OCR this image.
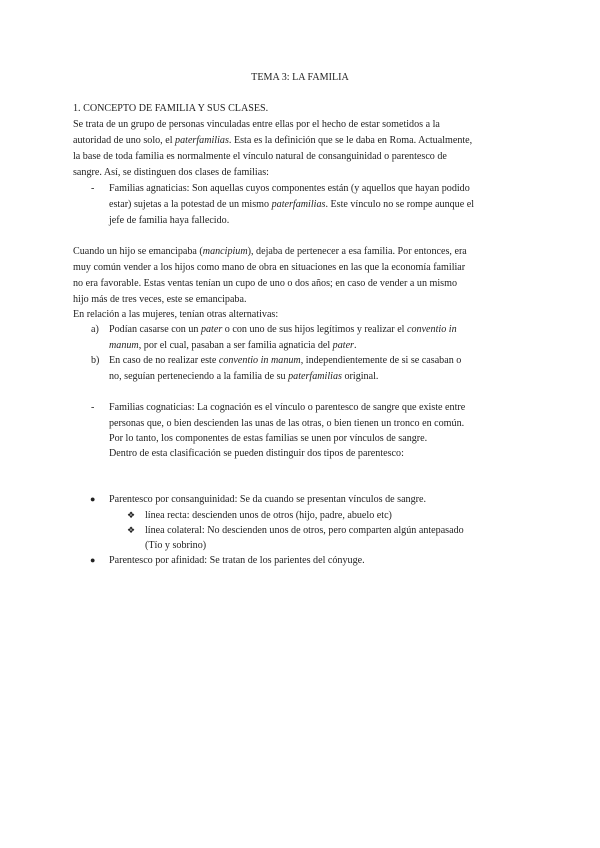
TEMA 3: LA FAMILIA
1. CONCEPTO DE FAMILIA Y SUS CLASES.
Se trata de un grupo de personas vinculadas entre ellas por el hecho de estar sometidos a la
autoridad de uno solo, el paterfamilias. Esta es la definición que se le daba en Roma. Actualmente,
la base de toda familia es normalmente el vínculo natural de consanguinidad o parentesco de
sangre. Así, se distinguen dos clases de familias:
- Familias agnaticias: Son aquellas cuyos componentes están (y aquellos que hayan podido
estar) sujetas a la potestad de un mismo paterfamilias. Este vínculo no se rompe aunque el
jefe de familia haya fallecido.
Cuando un hijo se emancipaba (mancipium), dejaba de pertenecer a esa familia. Por entonces, era
muy común vender a los hijos como mano de obra en situaciones en las que la economía familiar
no era favorable. Estas ventas tenían un cupo de uno o dos años; en caso de vender a un mismo
hijo más de tres veces, este se emancipaba.
En relación a las mujeres, tenían otras alternativas:
a) Podían casarse con un pater o con uno de sus hijos legítimos y realizar el conventio in
manum, por el cual, pasaban a ser familia agnaticia del pater.
b) En caso de no realizar este conventio in manum, independientemente de si se casaban o
no, seguían perteneciendo a la familia de su paterfamilias original.
- Familias cognaticias: La cognación es el vínculo o parentesco de sangre que existe entre
personas que, o bien descienden las unas de las otras, o bien tienen un tronco en común.
Por lo tanto, los componentes de estas familias se unen por vínculos de sangre.
Dentro de esta clasificación se pueden distinguir dos tipos de parentesco:
● Parentesco por consanguinidad: Se da cuando se presentan vínculos de sangre.
❖ línea recta: descienden unos de otros (hijo, padre, abuelo etc)
❖ línea colateral: No descienden unos de otros, pero comparten algún antepasado
(Tío y sobrino)
● Parentesco por afinidad: Se tratan de los parientes del cónyuge.
